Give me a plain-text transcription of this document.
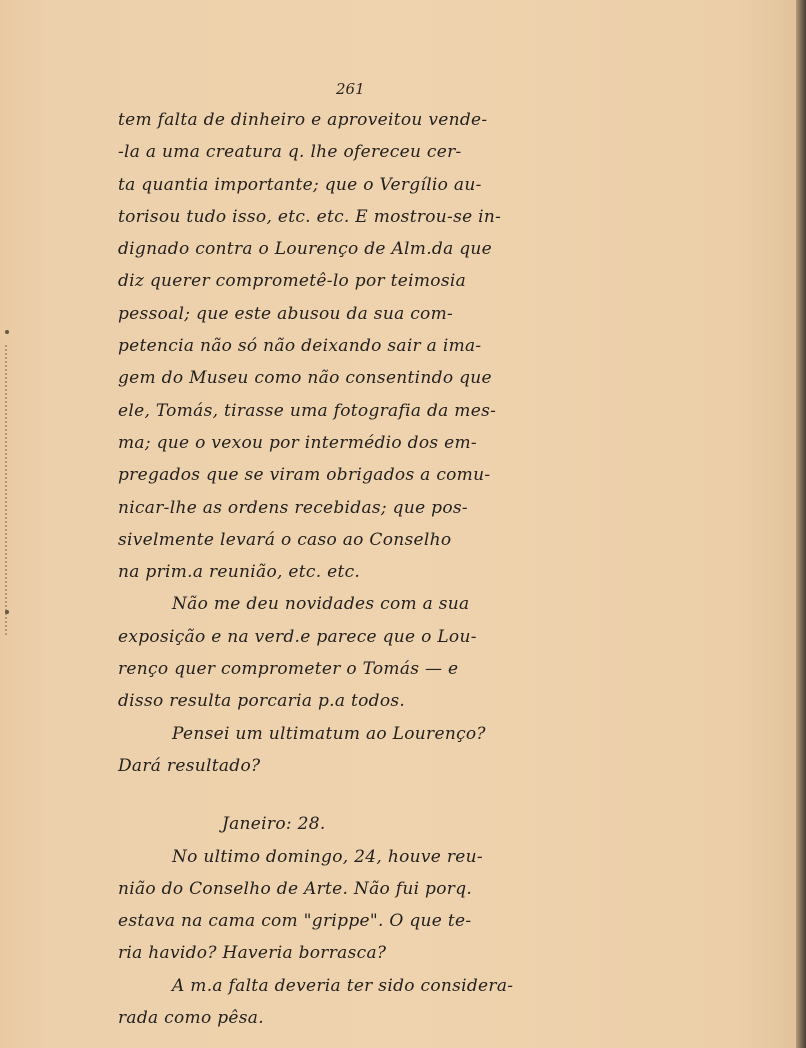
261
tem falta de dinheiro e aproveitou vende-
-la a uma creatura q. lhe ofereceu cer-
ta quantia importante; que o Vergílio au-
torisou tudo isso, etc. etc. E mostrou-se in-
dignado contra o Lourenço de Alm.da que
diz querer comprometê-lo por teimosia
pessoal; que este abusou da sua com-
petencia não só não deixando sair a ima-
gem do Museu como não consentindo que
ele, Tomás, tirasse uma fotografia da mes-
ma; que o vexou por intermédio dos em-
pregados que se viram obrigados a comu-
nicar-lhe as ordens recebidas; que pos-
sivelmente levará o caso ao Conselho
na prim.a reunião, etc. etc.
Não me deu novidades com a sua
exposição e na verd.e parece que o Lou-
renço quer comprometer o Tomás — e
disso resulta porcaria p.a todos.
Pensei um ultimatum ao Lourenço?
Dará resultado?
Janeiro: 28.
No ultimo domingo, 24, houve reu-
nião do Conselho de Arte. Não fui porq.
estava na cama com "grippe". O que te-
ria havido? Haveria borrasca?
A m.a falta deveria ter sido considera-
rada como pêsa.
